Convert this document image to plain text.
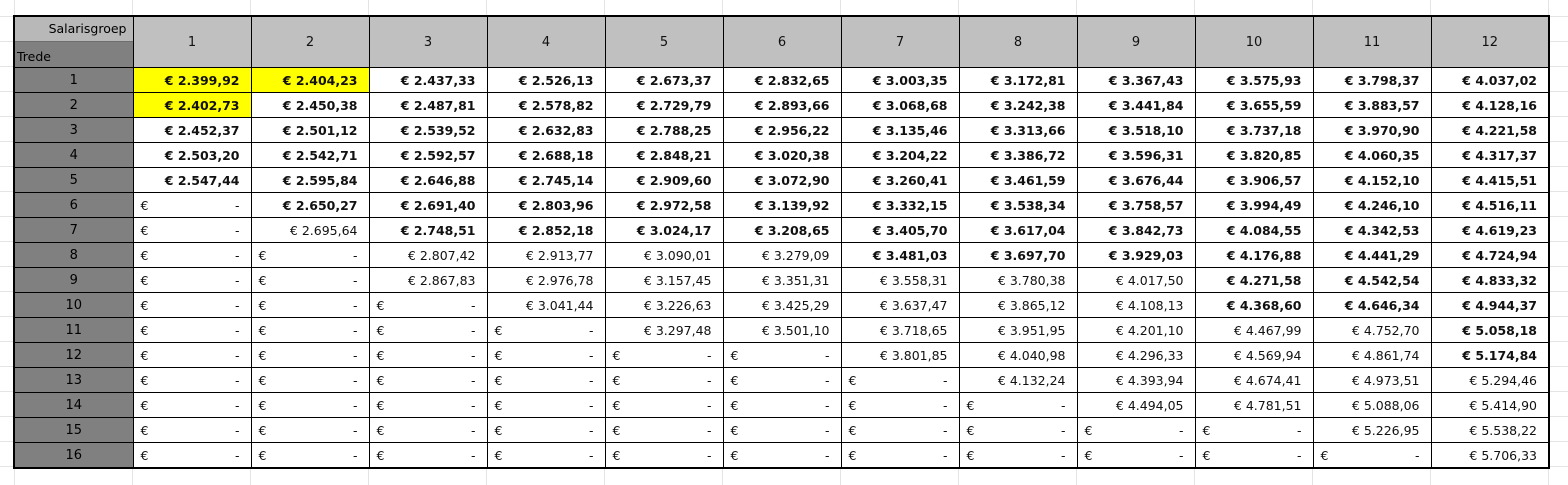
Salarisgroep
Trede	1	2	3	4	5	6	7	8	9	10	11	12
1	€ 2.399,92	€ 2.404,23	€ 2.437,33	€ 2.526,13	€ 2.673,37	€ 2.832,65	€ 3.003,35	€ 3.172,81	€ 3.367,43	€ 3.575,93	€ 3.798,37	€ 4.037,02

2	€ 2.402,73	€ 2.450,38	€ 2.487,81	€ 2.578,82	€ 2.729,79	€ 2.893,66	€ 3.068,68	€ 3.242,38	€ 3.441,84	€ 3.655,59	€ 3.883,57	€ 4.128,16

3	€ 2.452,37	€ 2.501,12	€ 2.539,52	€ 2.632,83	€ 2.788,25	€ 2.956,22	€ 3.135,46	€ 3.313,66	€ 3.518,10	€ 3.737,18	€ 3.970,90	€ 4.221,58

4	€ 2.503,20	€ 2.542,71	€ 2.592,57	€ 2.688,18	€ 2.848,21	€ 3.020,38	€ 3.204,22	€ 3.386,72	€ 3.596,31	€ 3.820,85	€ 4.060,35	€ 4.317,37

5	€ 2.547,44	€ 2.595,84	€ 2.646,88	€ 2.745,14	€ 2.909,60	€ 3.072,90	€ 3.260,41	€ 3.461,59	€ 3.676,44	€ 3.906,57	€ 4.152,10	€ 4.415,51

6	€ -	€ 2.650,27	€ 2.691,40	€ 2.803,96	€ 2.972,58	€ 3.139,92	€ 3.332,15	€ 3.538,34	€ 3.758,57	€ 3.994,49	€ 4.246,10	€ 4.516,11

7	€ -	€ 2.695,64	€ 2.748,51	€ 2.852,18	€ 3.024,17	€ 3.208,65	€ 3.405,70	€ 3.617,04	€ 3.842,73	€ 4.084,55	€ 4.342,53	€ 4.619,23

8	€ -	€ -	€ 2.807,42	€ 2.913,77	€ 3.090,01	€ 3.279,09	€ 3.481,03	€ 3.697,70	€ 3.929,03	€ 4.176,88	€ 4.441,29	€ 4.724,94

9	€ -	€ -	€ 2.867,83	€ 2.976,78	€ 3.157,45	€ 3.351,31	€ 3.558,31	€ 3.780,38	€ 4.017,50	€ 4.271,58	€ 4.542,54	€ 4.833,32

10	€ -	€ -	€ -	€ 3.041,44	€ 3.226,63	€ 3.425,29	€ 3.637,47	€ 3.865,12	€ 4.108,13	€ 4.368,60	€ 4.646,34	€ 4.944,37

11	€ -	€ -	€ -	€ -	€ 3.297,48	€ 3.501,10	€ 3.718,65	€ 3.951,95	€ 4.201,10	€ 4.467,99	€ 4.752,70	€ 5.058,18

12	€ -	€ -	€ -	€ -	€ -	€ -	€ 3.801,85	€ 4.040,98	€ 4.296,33	€ 4.569,94	€ 4.861,74	€ 5.174,84

13	€ -	€ -	€ -	€ -	€ -	€ -	€ -	€ 4.132,24	€ 4.393,94	€ 4.674,41	€ 4.973,51	€ 5.294,46

14	€ -	€ -	€ -	€ -	€ -	€ -	€ -	€ -	€ 4.494,05	€ 4.781,51	€ 5.088,06	€ 5.414,90

15	€ -	€ -	€ -	€ -	€ -	€ -	€ -	€ -	€ -	€ -	€ 5.226,95	€ 5.538,22

16	€ -	€ -	€ -	€ -	€ -	€ -	€ -	€ -	€ -	€ -	€ -	€ 5.706,33
